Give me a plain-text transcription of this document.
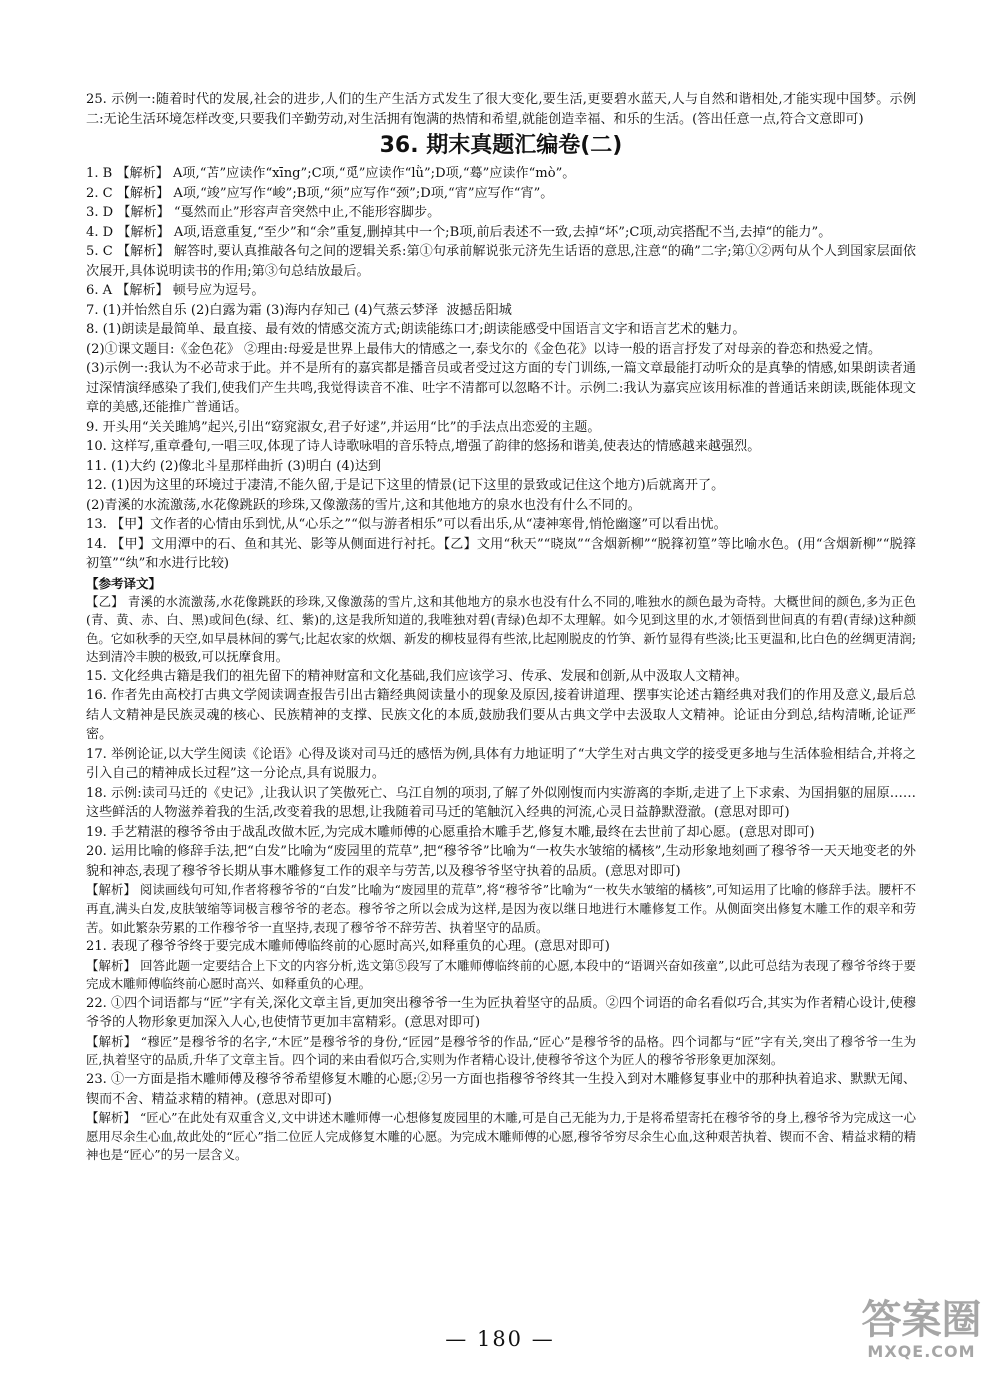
25. 示例一:随着时代的发展,社会的进步,人们的生产生活方式发生了很大变化,要生活,更要碧水蓝天,人与自然和谐相处,才能实现中国梦。示例二:无论生活环境怎样改变,只要我们辛勤劳动,对生活拥有饱满的热情和希望,就能创造幸福、和乐的生活。(答出任意一点,符合文意即可)

36. 期末真题汇编卷(二)

1. B 【解析】 A项,“苫”应读作“xīng”;C项,“觅”应读作“lǜ”;D项,“蓦”应读作“mò”。

2. C 【解析】 A项,“竣”应写作“峻”;B项,“须”应写作“颈”;D项,“宵”应写作“宵”。

3. D 【解析】 “戛然而止”形容声音突然中止,不能形容脚步。

4. D 【解析】 A项,语意重复,“至少”和“余”重复,删掉其中一个;B项,前后表述不一致,去掉“坏”;C项,动宾搭配不当,去掉“的能力”。

5. C 【解析】 解答时,要认真推敲各句之间的逻辑关系:第①句承前解说张元济先生话语的意思,注意“的确”二字;第①②两句从个人到国家层面依次展开,具体说明读书的作用;第③句总结放最后。

6. A 【解析】 顿号应为逗号。

7. (1)并怡然自乐 (2)白露为霜 (3)海内存知己 (4)气蒸云梦泽  波撼岳阳城

8. (1)朗读是最简单、最直接、最有效的情感交流方式;朗读能练口才;朗读能感受中国语言文字和语言艺术的魅力。

(2)①课文题目:《金色花》 ②理由:母爱是世界上最伟大的情感之一,泰戈尔的《金色花》以诗一般的语言抒发了对母亲的眷恋和热爱之情。

(3)示例一:我认为不必苛求于此。并不是所有的嘉宾都是播音员或者受过这方面的专门训练,一篇文章最能打动听众的是真挚的情感,如果朗读者通过深情演绎感染了我们,使我们产生共鸣,我觉得读音不准、吐字不清都可以忽略不计。示例二:我认为嘉宾应该用标准的普通话来朗读,既能体现文章的美感,还能推广普通话。

9. 开头用“关关雎鸠”起兴,引出“窈窕淑女,君子好逑”,并运用“比”的手法点出恋爱的主题。

10. 这样写,重章叠句,一唱三叹,体现了诗人诗歌咏唱的音乐特点,增强了韵律的悠扬和谐美,使表达的情感越来越强烈。

11. (1)大约 (2)像北斗星那样曲折 (3)明白 (4)达到

12. (1)因为这里的环境过于凄清,不能久留,于是记下这里的情景(记下这里的景致或记住这个地方)后就离开了。

(2)青溪的水流激荡,水花像跳跃的珍珠,又像激荡的雪片,这和其他地方的泉水也没有什么不同的。

13. 【甲】文作者的心情由乐到忧,从“心乐之”“似与游者相乐”可以看出乐,从“凄神寒骨,悄怆幽邃”可以看出忧。

14. 【甲】文用潭中的石、鱼和其光、影等从侧面进行衬托。【乙】文用“秋天”“晓岚”“含烟新柳”“脱箨初篁”等比喻水色。(用“含烟新柳”“脱箨初篁”“纨”和水进行比较)

【参考译文】

【乙】 青溪的水流激荡,水花像跳跃的珍珠,又像激荡的雪片,这和其他地方的泉水也没有什么不同的,唯独水的颜色最为奇特。大概世间的颜色,多为正色(青、黄、赤、白、黑)或间色(绿、红、紫)的,这是我所知道的,我唯独对碧(青绿)色却不太理解。如今见到这里的水,才领悟到世间真的有碧(青绿)这种颜色。它如秋季的天空,如早晨林间的雾气;比起农家的炊烟、新发的柳枝显得有些浓,比起刚脱皮的竹笋、新竹显得有些淡;比玉更温和,比白色的丝绸更清润;达到清冷丰腴的极致,可以抚摩食用。

15. 文化经典古籍是我们的祖先留下的精神财富和文化基础,我们应该学习、传承、发展和创新,从中汲取人文精神。

16. 作者先由高校打古典文学阅读调查报告引出古籍经典阅读量小的现象及原因,接着讲道理、摆事实论述古籍经典对我们的作用及意义,最后总结人文精神是民族灵魂的核心、民族精神的支撑、民族文化的本质,鼓励我们要从古典文学中去汲取人文精神。论证由分到总,结构清晰,论证严密。

17. 举例论证,以大学生阅读《论语》心得及谈对司马迁的感悟为例,具体有力地证明了“大学生对古典文学的接受更多地与生活体验相结合,并将之引入自己的精神成长过程”这一分论点,具有说服力。

18. 示例:读司马迁的《史记》,让我认识了笑傲死亡、乌江自刎的项羽,了解了外似刚愎而内实游离的李斯,走进了上下求索、为国捐躯的屈原……这些鲜活的人物滋养着我的生活,改变着我的思想,让我随着司马迁的笔触沉入经典的河流,心灵日益静默澄澈。(意思对即可)

19. 手艺精湛的穆爷爷由于战乱改做木匠,为完成木雕师傅的心愿重拾木雕手艺,修复木雕,最终在去世前了却心愿。(意思对即可)

20. 运用比喻的修辞手法,把“白发”比喻为“废园里的荒草”,把“穆爷爷”比喻为“一枚失水皱缩的橘核”,生动形象地刻画了穆爷爷一天天地变老的外貌和神态,表现了穆爷爷长期从事木雕修复工作的艰辛与劳苦,以及穆爷爷坚守执着的品质。(意思对即可)

【解析】 阅读画线句可知,作者将穆爷爷的“白发”比喻为“废园里的荒草”,将“穆爷爷”比喻为“一枚失水皱缩的橘核”,可知运用了比喻的修辞手法。腰杆不再直,满头白发,皮肤皱缩等词极言穆爷爷的老态。穆爷爷之所以会成为这样,是因为夜以继日地进行木雕修复工作。从侧面突出修复木雕工作的艰辛和劳苦。如此繁杂劳累的工作穆爷爷一直坚持,表现了穆爷爷不辞劳苦、执着坚守的品质。

21. 表现了穆爷爷终于要完成木雕师傅临终前的心愿时高兴,如释重负的心理。(意思对即可)

【解析】 回答此题一定要结合上下文的内容分析,选文第⑤段写了木雕师傅临终前的心愿,本段中的“语调兴奋如孩童”,以此可总结为表现了穆爷爷终于要完成木雕师傅临终前心愿时高兴、如释重负的心理。

22. ①四个词语都与“匠”字有关,深化文章主旨,更加突出穆爷爷一生为匠执着坚守的品质。②四个词语的命名看似巧合,其实为作者精心设计,使穆爷爷的人物形象更加深入人心,也使情节更加丰富精彩。(意思对即可)

【解析】 “穆匠”是穆爷爷的名字,“木匠”是穆爷爷的身份,“匠园”是穆爷爷的作品,“匠心”是穆爷爷的品格。四个词都与“匠”字有关,突出了穆爷爷一生为匠,执着坚守的品质,升华了文章主旨。四个词的来由看似巧合,实则为作者精心设计,使穆爷爷这个为匠人的穆爷爷形象更加深刻。

23. ①一方面是指木雕师傅及穆爷爷希望修复木雕的心愿;②另一方面也指穆爷爷终其一生投入到对木雕修复事业中的那种执着追求、默默无闻、锲而不舍、精益求精的精神。(意思对即可)

【解析】 “匠心”在此处有双重含义,文中讲述木雕师傅一心想修复废园里的木雕,可是自己无能为力,于是将希望寄托在穆爷爷的身上,穆爷爷为完成这一心愿用尽余生心血,故此处的“匠心”指二位匠人完成修复木雕的心愿。为完成木雕师傅的心愿,穆爷爷穷尽余生心血,这种艰苦执着、锲而不舍、精益求精的精神也是“匠心”的另一层含义。

— 180 —	答案圈
MXQE.COM
